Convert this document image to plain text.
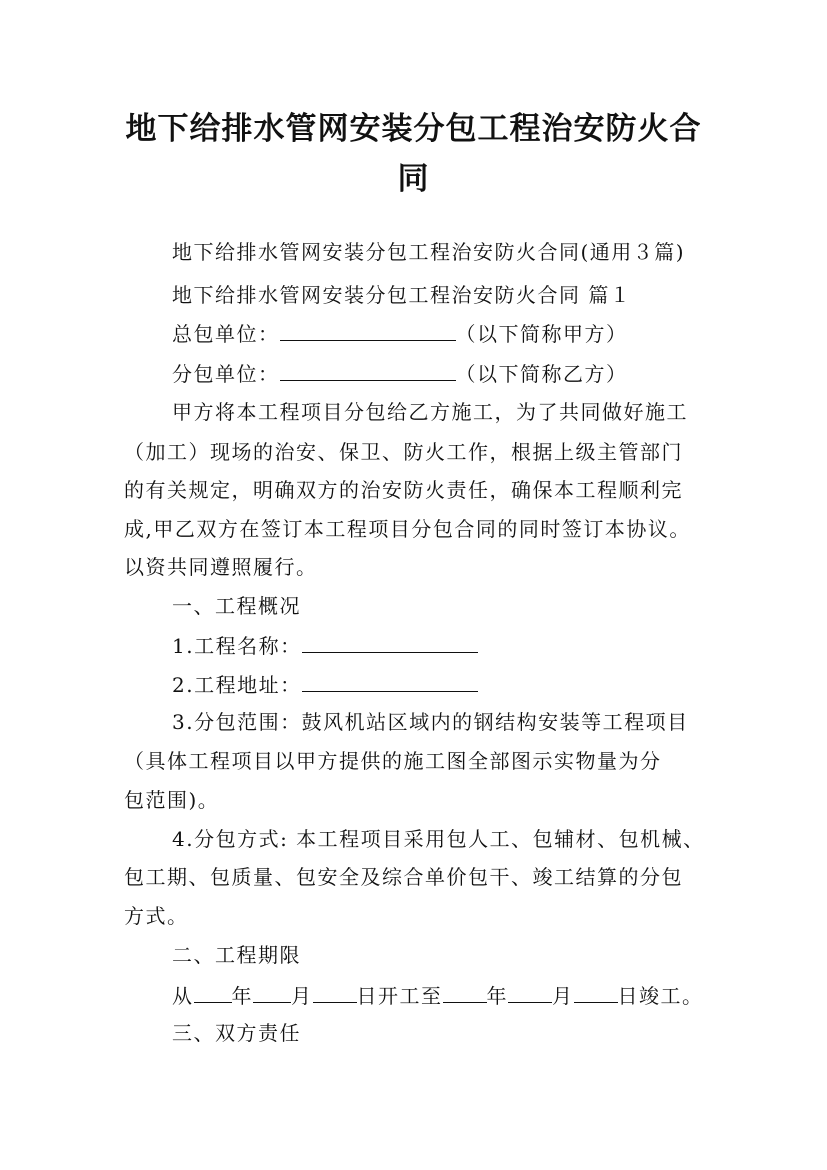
地下给排水管网安装分包工程治安防火合
同
地下给排水管网安装分包工程治安防火合同(通用３篇)
地下给排水管网安装分包工程治安防火合同 篇１
总包单位：	（以下简称甲方）
分包单位：	（以下简称乙方）
甲方将本工程项目分包给乙方施工，为了共同做好施工
（加工）现场的治安、保卫、防火工作，根据上级主管部门
的有关规定，明确双方的治安防火责任，确保本工程顺利完
成,甲乙双方在签订本工程项目分包合同的同时签订本协议。
以资共同遵照履行。
一、工程概况
1.工程名称：
2.工程地址：
3.分包范围：鼓风机站区域内的钢结构安装等工程项目
（具体工程项目以甲方提供的施工图全部图示实物量为分
包范围)。
4.分包方式: 本工程项目采用包人工、包辅材、包机械、
包工期、包质量、包安全及综合单价包干、竣工结算的分包
方式。
二、工程期限
从 年 月 日开工至 年 月 日竣工。
三、双方责任
